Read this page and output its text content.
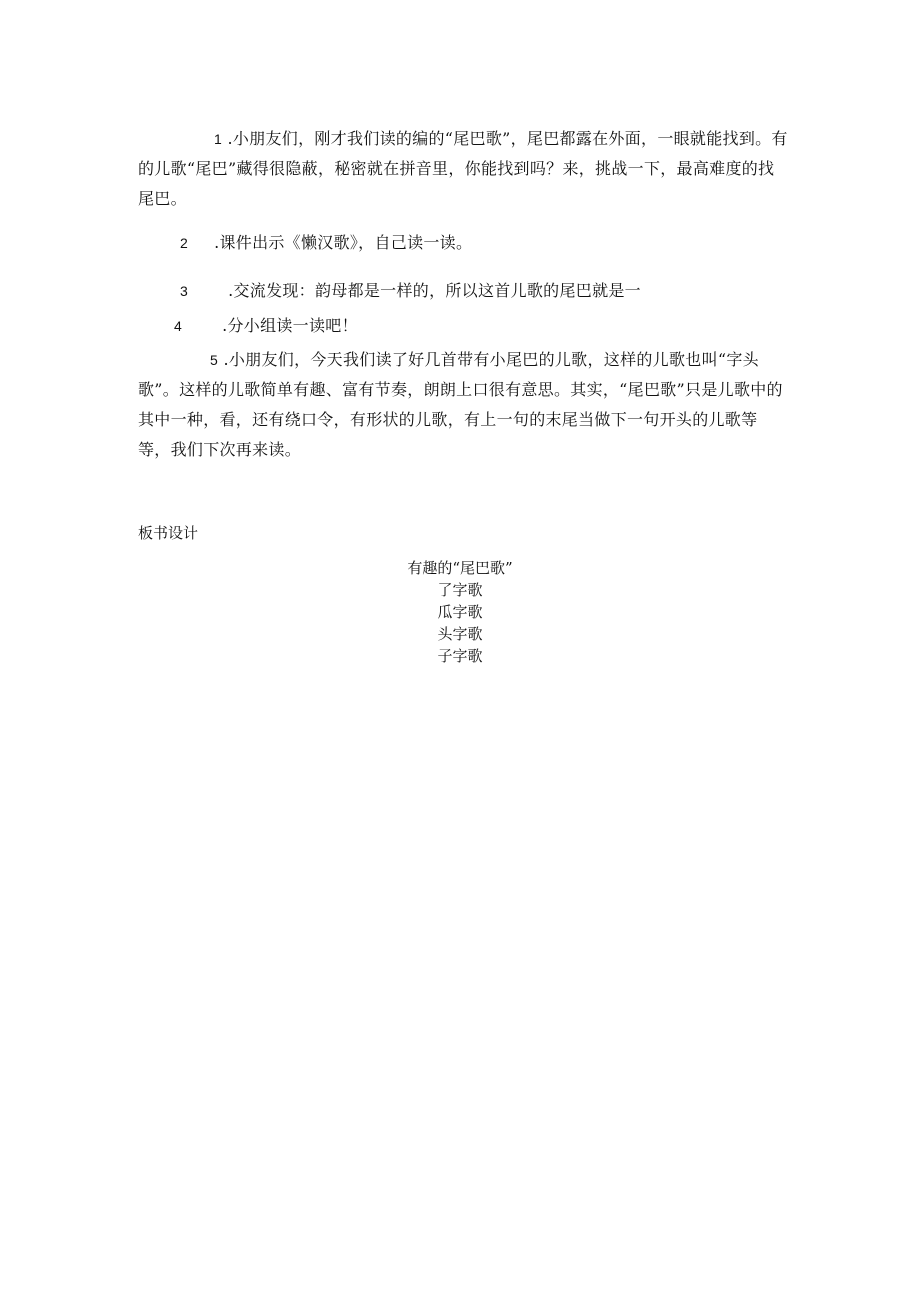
1 .小朋友们，刚才我们读的编的“尾巴歌”，尾巴都露在外面，一眼就能找到。有的儿歌“尾巴”藏得很隐蔽，秘密就在拼音里，你能找到吗？来，挑战一下，最高难度的找尾巴。

2 .课件出示《懒汉歌》，自己读一读。

3	.交流发现：韵母都是一样的，所以这首儿歌的尾巴就是一

4	.分小组读一读吧！

5 .小朋友们，今天我们读了好几首带有小尾巴的儿歌，这样的儿歌也叫“字头歌”。这样的儿歌简单有趣、富有节奏，朗朗上口很有意思。其实，“尾巴歌”只是儿歌中的其中一种，看，还有绕口令，有形状的儿歌，有上一句的末尾当做下一句开头的儿歌等等，我们下次再来读。

板书设计

有趣的“尾巴歌”
了字歌
瓜字歌
头字歌
子字歌
